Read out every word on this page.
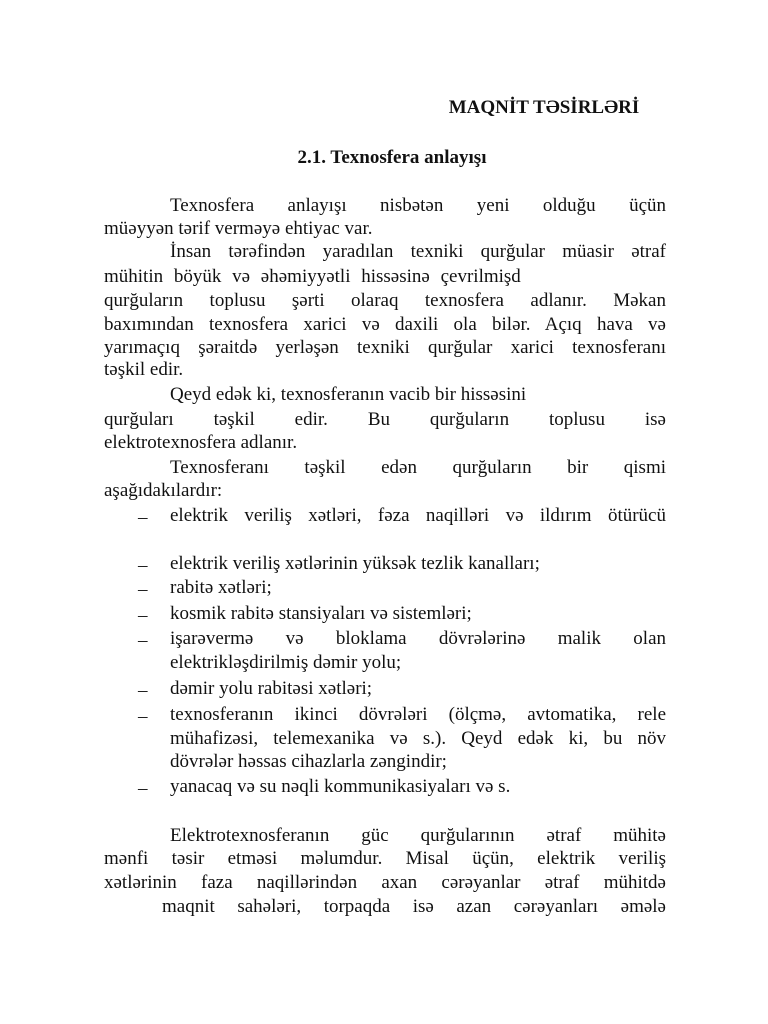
MAQNİT TƏSİRLƏRİ
2.1. Texnosfera anlayışı
Texnosfera anlayışı nisbətən yeni olduğu üçün
müəyyən tərif verməyə ehtiyac var.
İnsan tərəfindən yaradılan texniki qurğular müasir ətraf
mühitin böyük və əhəmiyyətli hissəsinə çevrilmişd
qurğuların toplusu şərti olaraq texnosfera adlanır. Məkan
baxımından texnosfera xarici və daxili ola bilər. Açıq hava və
yarımaçıq şəraitdə yerləşən texniki qurğular xarici texnosferanı
təşkil edir.
Qeyd edək ki, texnosferanın vacib bir hissəsini
qurğuları təşkil edir. Bu qurğuların toplusu isə
elektrotexnosfera adlanır.
Texnosferanı təşkil edən qurğuların bir qismi
aşağıdakılardır:
– elektrik veriliş xətləri, fəza naqilləri və ildırım ötürücü
– elektrik veriliş xətlərinin yüksək tezlik kanalları;
– rabitə xətləri;
– kosmik rabitə stansiyaları və sistemləri;
– işarəvermə və bloklama dövrələrinə malik olan
elektrikləşdirilmiş dəmir yolu;
– dəmir yolu rabitəsi xətləri;
– texnosferanın ikinci dövrələri (ölçmə, avtomatika, rele
mühafizəsi, telemexanika və s.). Qeyd edək ki, bu növ
dövrələr həssas cihazlarla zəngindir;
– yanacaq və su nəqli kommunikasiyaları və s.
Elektrotexnosferanın güc qurğularının ətraf mühitə
mənfi təsir etməsi məlumdur. Misal üçün, elektrik veriliş
xətlərinin faza naqillərindən axan cərəyanlar ətraf mühitdə
maqnit sahələri, torpaqda isə azan cərəyanları əmələ
